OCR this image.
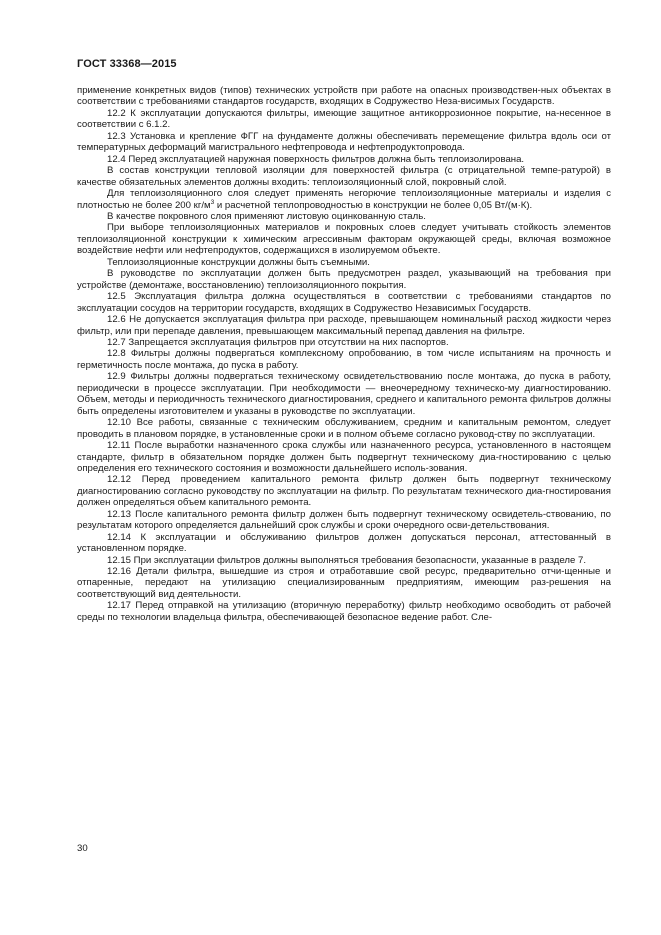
ГОСТ 33368—2015

применение конкретных видов (типов) технических устройств при работе на опасных производствен-ных объектах в соответствии с требованиями стандартов государств, входящих в Содружество Неза-висимых Государств.

12.2 К эксплуатации допускаются фильтры, имеющие защитное антикоррозионное покрытие, на-несенное в соответствии с 6.1.2.

12.3 Установка и крепление ФГГ на фундаменте должны обеспечивать перемещение фильтра вдоль оси от температурных деформаций магистрального нефтепровода и нефтепродуктопровода.

12.4 Перед эксплуатацией наружная поверхность фильтров должна быть теплоизолирована.

В состав конструкции тепловой изоляции для поверхностей фильтра (с отрицательной темпе-ратурой) в качестве обязательных элементов должны входить: теплоизоляционный слой, покровный слой.

Для теплоизоляционного слоя следует применять негорючие теплоизоляционные материалы и изделия с плотностью не более 200 $кг/м^3$ и расчетной теплопроводностью в конструкции не более 0,05 Вт/(м·К).

В качестве покровного слоя применяют листовую оцинкованную сталь.

При выборе теплоизоляционных материалов и покровных слоев следует учитывать стойкость элементов теплоизоляционной конструкции к химическим агрессивным факторам окружающей среды, включая возможное воздействие нефти или нефтепродуктов, содержащихся в изолируемом объекте.

Теплоизоляционные конструкции должны быть съемными.

В руководстве по эксплуатации должен быть предусмотрен раздел, указывающий на требования при устройстве (демонтаже, восстановлению) теплоизоляционного покрытия.

12.5 Эксплуатация фильтра должна осуществляться в соответствии с требованиями стандартов по эксплуатации сосудов на территории государств, входящих в Содружество Независимых Государств.

12.6 Не допускается эксплуатация фильтра при расходе, превышающем номинальный расход жидкости через фильтр, или при перепаде давления, превышающем максимальный перепад давления на фильтре.

12.7 Запрещается эксплуатация фильтров при отсутствии на них паспортов.

12.8 Фильтры должны подвергаться комплексному опробованию, в том числе испытаниям на прочность и герметичность после монтажа, до пуска в работу.

12.9 Фильтры должны подвергаться техническому освидетельствованию после монтажа, до пуска в работу, периодически в процессе эксплуатации. При необходимости — внеочередному техническо-му диагностированию. Объем, методы и периодичность технического диагностирования, среднего и капитального ремонта фильтров должны быть определены изготовителем и указаны в руководстве по эксплуатации.

12.10 Все работы, связанные с техническим обслуживанием, средним и капитальным ремонтом, следует проводить в плановом порядке, в установленные сроки и в полном объеме согласно руковод-ству по эксплуатации.

12.11 После выработки назначенного срока службы или назначенного ресурса, установленного в настоящем стандарте, фильтр в обязательном порядке должен быть подвергнут техническому диа-гностированию с целью определения его технического состояния и возможности дальнейшего исполь-зования.

12.12 Перед проведением капитального ремонта фильтр должен быть подвергнут техническому диагностированию согласно руководству по эксплуатации на фильтр. По результатам технического диа-гностирования должен определяться объем капитального ремонта.

12.13 После капитального ремонта фильтр должен быть подвергнут техническому освидетель-ствованию, по результатам которого определяется дальнейший срок службы и сроки очередного осви-детельствования.

12.14 К эксплуатации и обслуживанию фильтров должен допускаться персонал, аттестованный в установленном порядке.

12.15 При эксплуатации фильтров должны выполняться требования безопасности, указанные в разделе 7.

12.16 Детали фильтра, вышедшие из строя и отработавшие свой ресурс, предварительно отчи-щенные и отпаренные, передают на утилизацию специализированным предприятиям, имеющим раз-решения на соответствующий вид деятельности.

12.17 Перед отправкой на утилизацию (вторичную переработку) фильтр необходимо освободить от рабочей среды по технологии владельца фильтра, обеспечивающей безопасное ведение работ. Сле-

30
